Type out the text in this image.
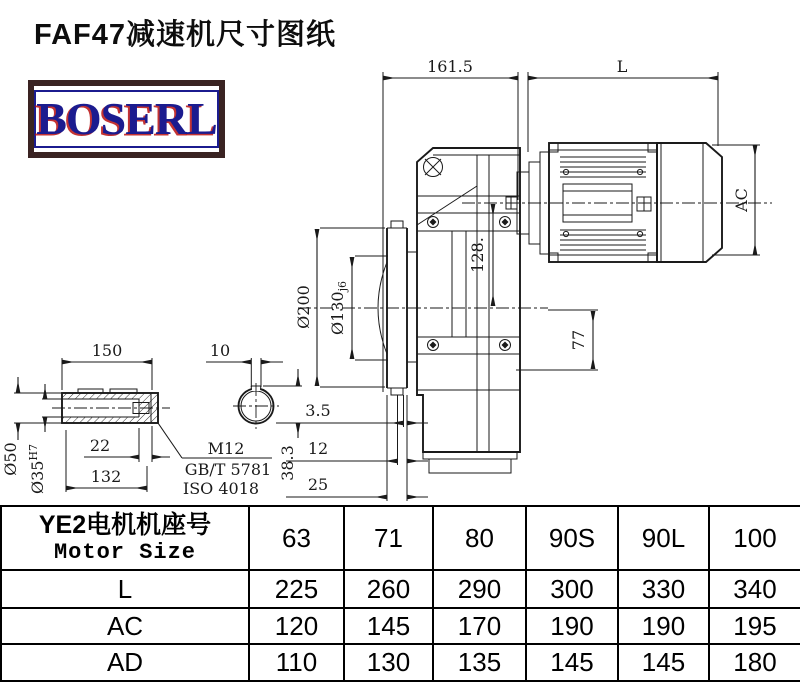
FAF47减速机尺寸图纸
BOSERL
161.5	L
AC
Ø200 Ø130j6
128.
77
150	10
Ø50
$Ø35^{H7}$	22
132	38.3
3.5
12
25
M12
GB/T 5781
ISO 4018
YE2电机机座号
Motor Size	63	71	80	90S	90L	100
L	225	260	290	300	330	340
AC	120	145	170	190	190	195
AD	110	130	135	145	145	180
